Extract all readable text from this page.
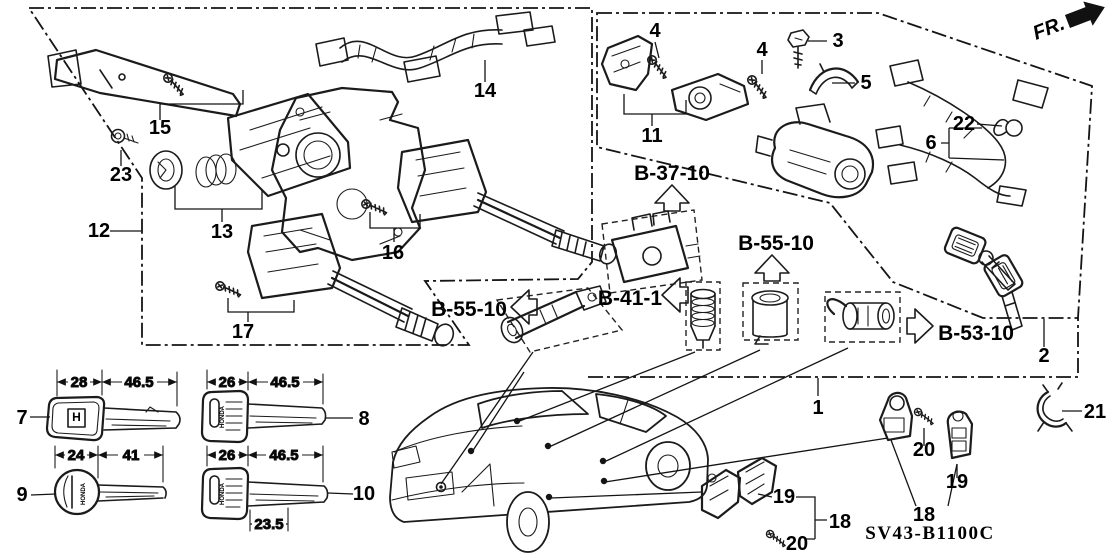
FR.
H	HONDA
HONDA	HONDA
28 46.5	26 46.5
24	41	26 46.5
23.5
15
23
12	13
16
17
14
4
4	3
5
11
22
6
2
1
7	8
9	10	19
18
20
20
19
18
21
B-37-10
B-55-10	B-41-1
B-55-10
B-53-10
SV43-B1100C
